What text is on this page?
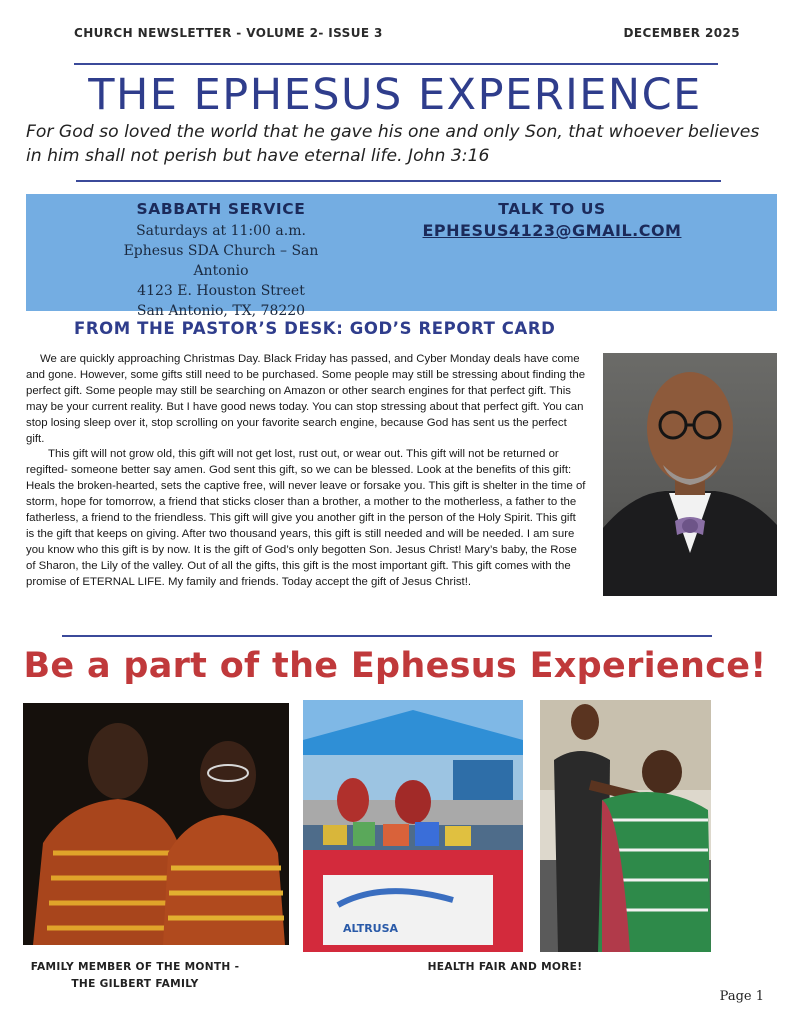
CHURCH NEWSLETTER - VOLUME 2- ISSUE 3	DECEMBER 2025
THE EPHESUS EXPERIENCE
For God so loved the world that he gave his one and only Son, that whoever believes in him shall not perish but have eternal life. John 3:16
SABBATH SERVICE
Saturdays at 11:00 a.m.
Ephesus SDA Church – San Antonio
4123 E. Houston Street
San Antonio, TX, 78220
TALK TO US
EPHESUS4123@GMAIL.COM
FROM THE PASTOR’S DESK: GOD’S REPORT CARD

We are quickly approaching Christmas Day. Black Friday has passed, and Cyber Monday deals have come and gone. However, some gifts still need to be purchased. Some people may still be stressing about finding the perfect gift. Some people may still be searching on Amazon or other search engines for that perfect gift. This may be your current reality. But I have good news today. You can stop stressing about that perfect gift. You can stop losing sleep over it, stop scrolling on your favorite search engine, because God has sent us the perfect gift.

This gift will not grow old, this gift will not get lost, rust out, or wear out. This gift will not be returned or regifted- someone better say amen. God sent this gift, so we can be blessed. Look at the benefits of this gift: Heals the broken-hearted, sets the captive free, will never leave or forsake you. This gift is shelter in the time of storm, hope for tomorrow, a friend that sticks closer than a brother, a mother to the motherless, a father to the fatherless, a friend to the friendless. This gift will give you another gift in the person of the Holy Spirit. This gift is the gift that keeps on giving. After two thousand years, this gift is still needed and will be needed. I am sure you know who this gift is by now. It is the gift of God’s only begotten Son. Jesus Christ! Mary’s baby, the Rose of Sharon, the Lily of the valley. Out of all the gifts, this gift is the most important gift. This gift comes with the promise of ETERNAL LIFE. My family and friends. Today accept the gift of Jesus Christ!.

Be a part of the Ephesus Experience!
ALTRUSA
FAMILY MEMBER OF THE MONTH -
THE GILBERT FAMILY
HEALTH FAIR AND MORE!
Page 1
